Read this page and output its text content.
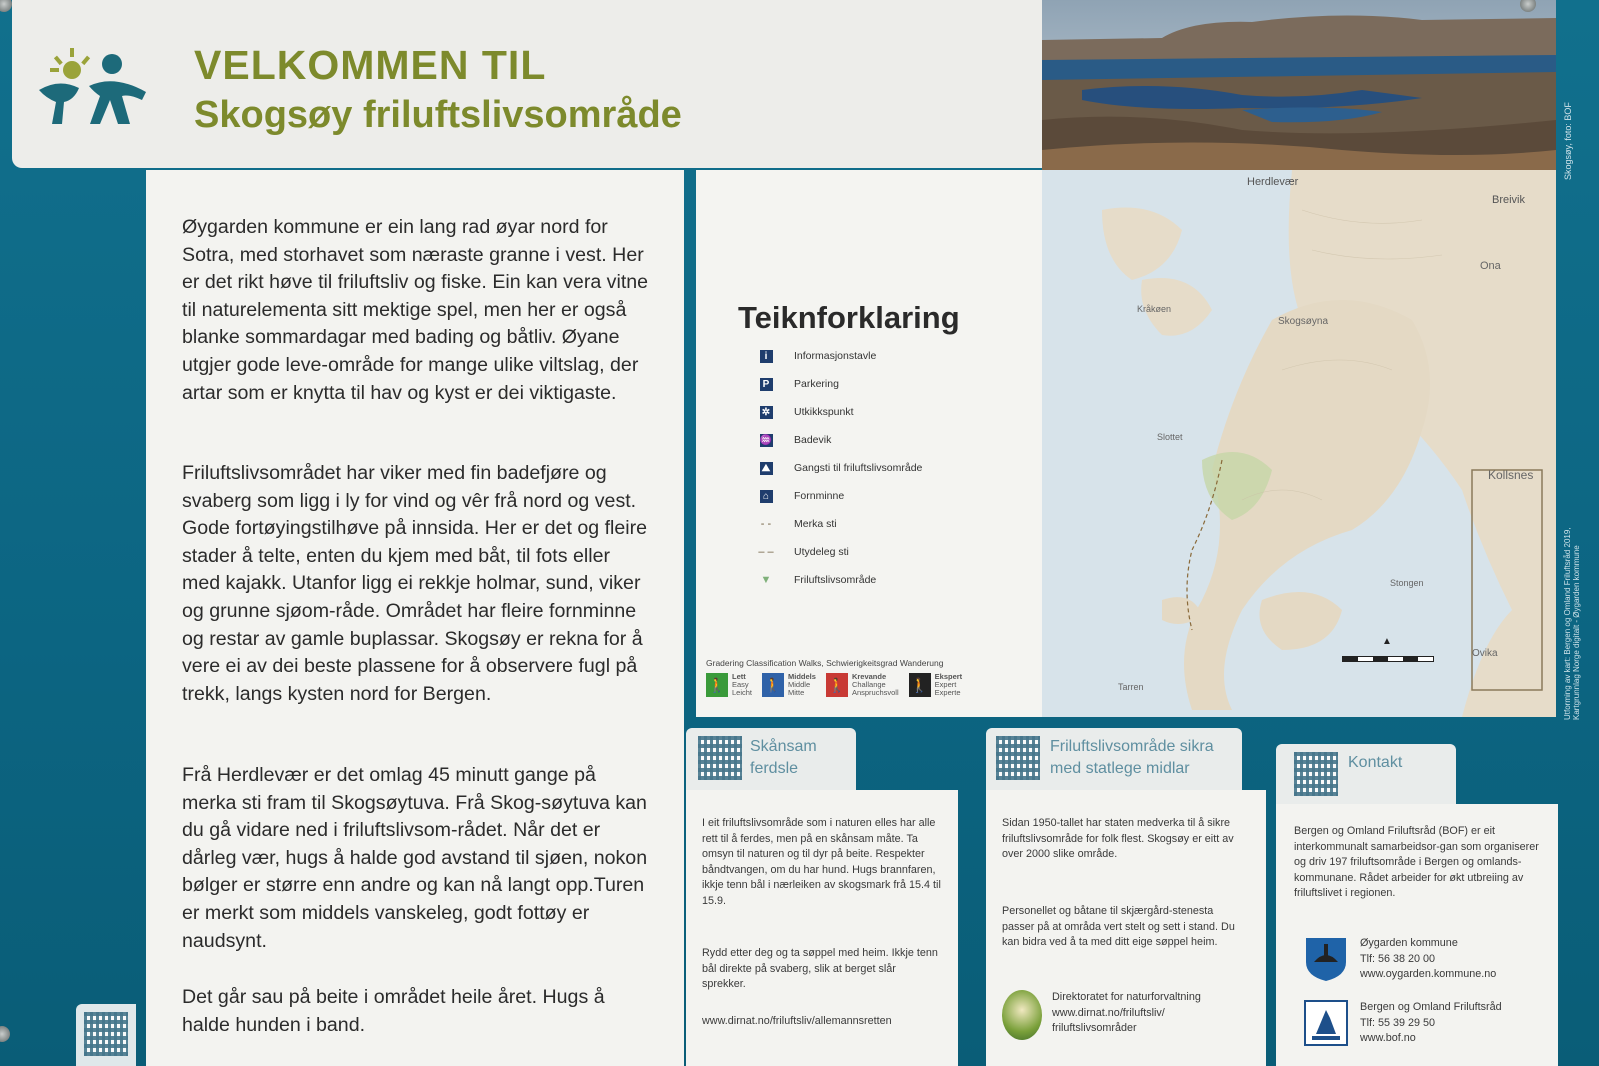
VELKOMMEN TIL
Skogsøy friluftslivsområde	Skogsøy, foto: BOF

Øygarden kommune er ein lang rad øyar nord for Sotra, med storhavet som næraste granne i vest. Her er det rikt høve til friluftsliv og fiske. Ein kan vera vitne til naturelementa sitt mektige spel, men her er også blanke sommardagar med bading og båtliv. Øyane utgjer gode leve-område for mange ulike viltslag, der artar som er knytta til hav og kyst er dei viktigaste.

Friluftslivsområdet har viker med fin badefjøre og svaberg som ligg i ly for vind og vêr frå nord og vest. Gode fortøyingstilhøve på innsida. Her er det og fleire stader å telte, enten du kjem med båt, til fots eller med kajakk. Utanfor ligg ei rekkje holmar, sund, viker og grunne sjøom-råde. Området har fleire fornminne og restar av gamle buplassar. Skogsøy er rekna for å vere ei av dei beste plassene for å observere fugl på trekk, langs kysten nord for Bergen.

Frå Herdlevær er det omlag 45 minutt gange på merka sti fram til Skogsøytuva. Frå Skog-søytuva kan du gå vidare ned i friluftslivsom-rådet. Når det er dårleg vær, hugs å halde god avstand til sjøen, nokon bølger er større enn andre og kan nå langt opp.Turen er merkt som middels vanskeleg, godt fottøy er naudsynt.

Det går sau på beite i området heile året. Hugs å halde hunden i band.

Teiknforklaring
i	Informasjonstavle
P	Parkering
✲ Utkikkspunkt
♒ Badevik
⛰ Gangsti til friluftslivsområde
⌂	Fornminne
- -	Merka sti
– – Utydeleg sti
▼	Friluftslivsområde

Gradering Classification Walks, Schwierigkeitsgrad Wanderung

🚶
Lett
Easy
Leicht 🚶
Middels
Middle
Mitte	🚶
Krevande
Challange
Anspruchsvoll 🚶
Ekspert
Expert
Experte
Herdlevær
Breivik
Skogsøyna
Kråkøen
Slottet
Ona
Kollsnes
Stongen
Tarren
Ovika
▲	Utforming av kart: Bergen og Omland Friluftsråd 2019, Kartgrunnlag Norge digitalt - Øygarden kommune

Skånsam ferdsle

I eit friluftslivsområde som i naturen elles har alle rett til å ferdes, men på en skånsam måte. Ta omsyn til naturen og til dyr på beite. Respekter båndtvangen, om du har hund. Hugs brannfaren, ikkje tenn bål i nærleiken av skogsmark frå 15.4 til 15.9.

Rydd etter deg og ta søppel med heim. Ikkje tenn bål direkte på svaberg, slik at berget slår sprekker.

www.dirnat.no/friluftsliv/allemannsretten

Friluftslivsområde sikra med statlege midlar

Sidan 1950-tallet har staten medverka til å sikre friluftslivsområde for folk flest. Skogsøy er eitt av over 2000 slike område.

Personellet og båtane til skjærgård-stenesta passer på at områda vert stelt og sett i stand. Du kan bidra ved å ta med ditt eige søppel heim.

Direktoratet for naturforvaltning
www.dirnat.no/friluftsliv/
friluftslivsområder

Kontakt

Bergen og Omland Friluftsråd (BOF) er eit interkommunalt samarbeidsor-gan som organiserer og driv 197 friluftsområde i Bergen og omlands-kommunane. Rådet arbeider for økt utbreiing av friluftslivet i regionen.

Øygarden kommune
Tlf: 56 38 20 00
www.oygarden.kommune.no
Bergen og Omland Friluftsråd
Tlf: 55 39 29 50
www.bof.no
